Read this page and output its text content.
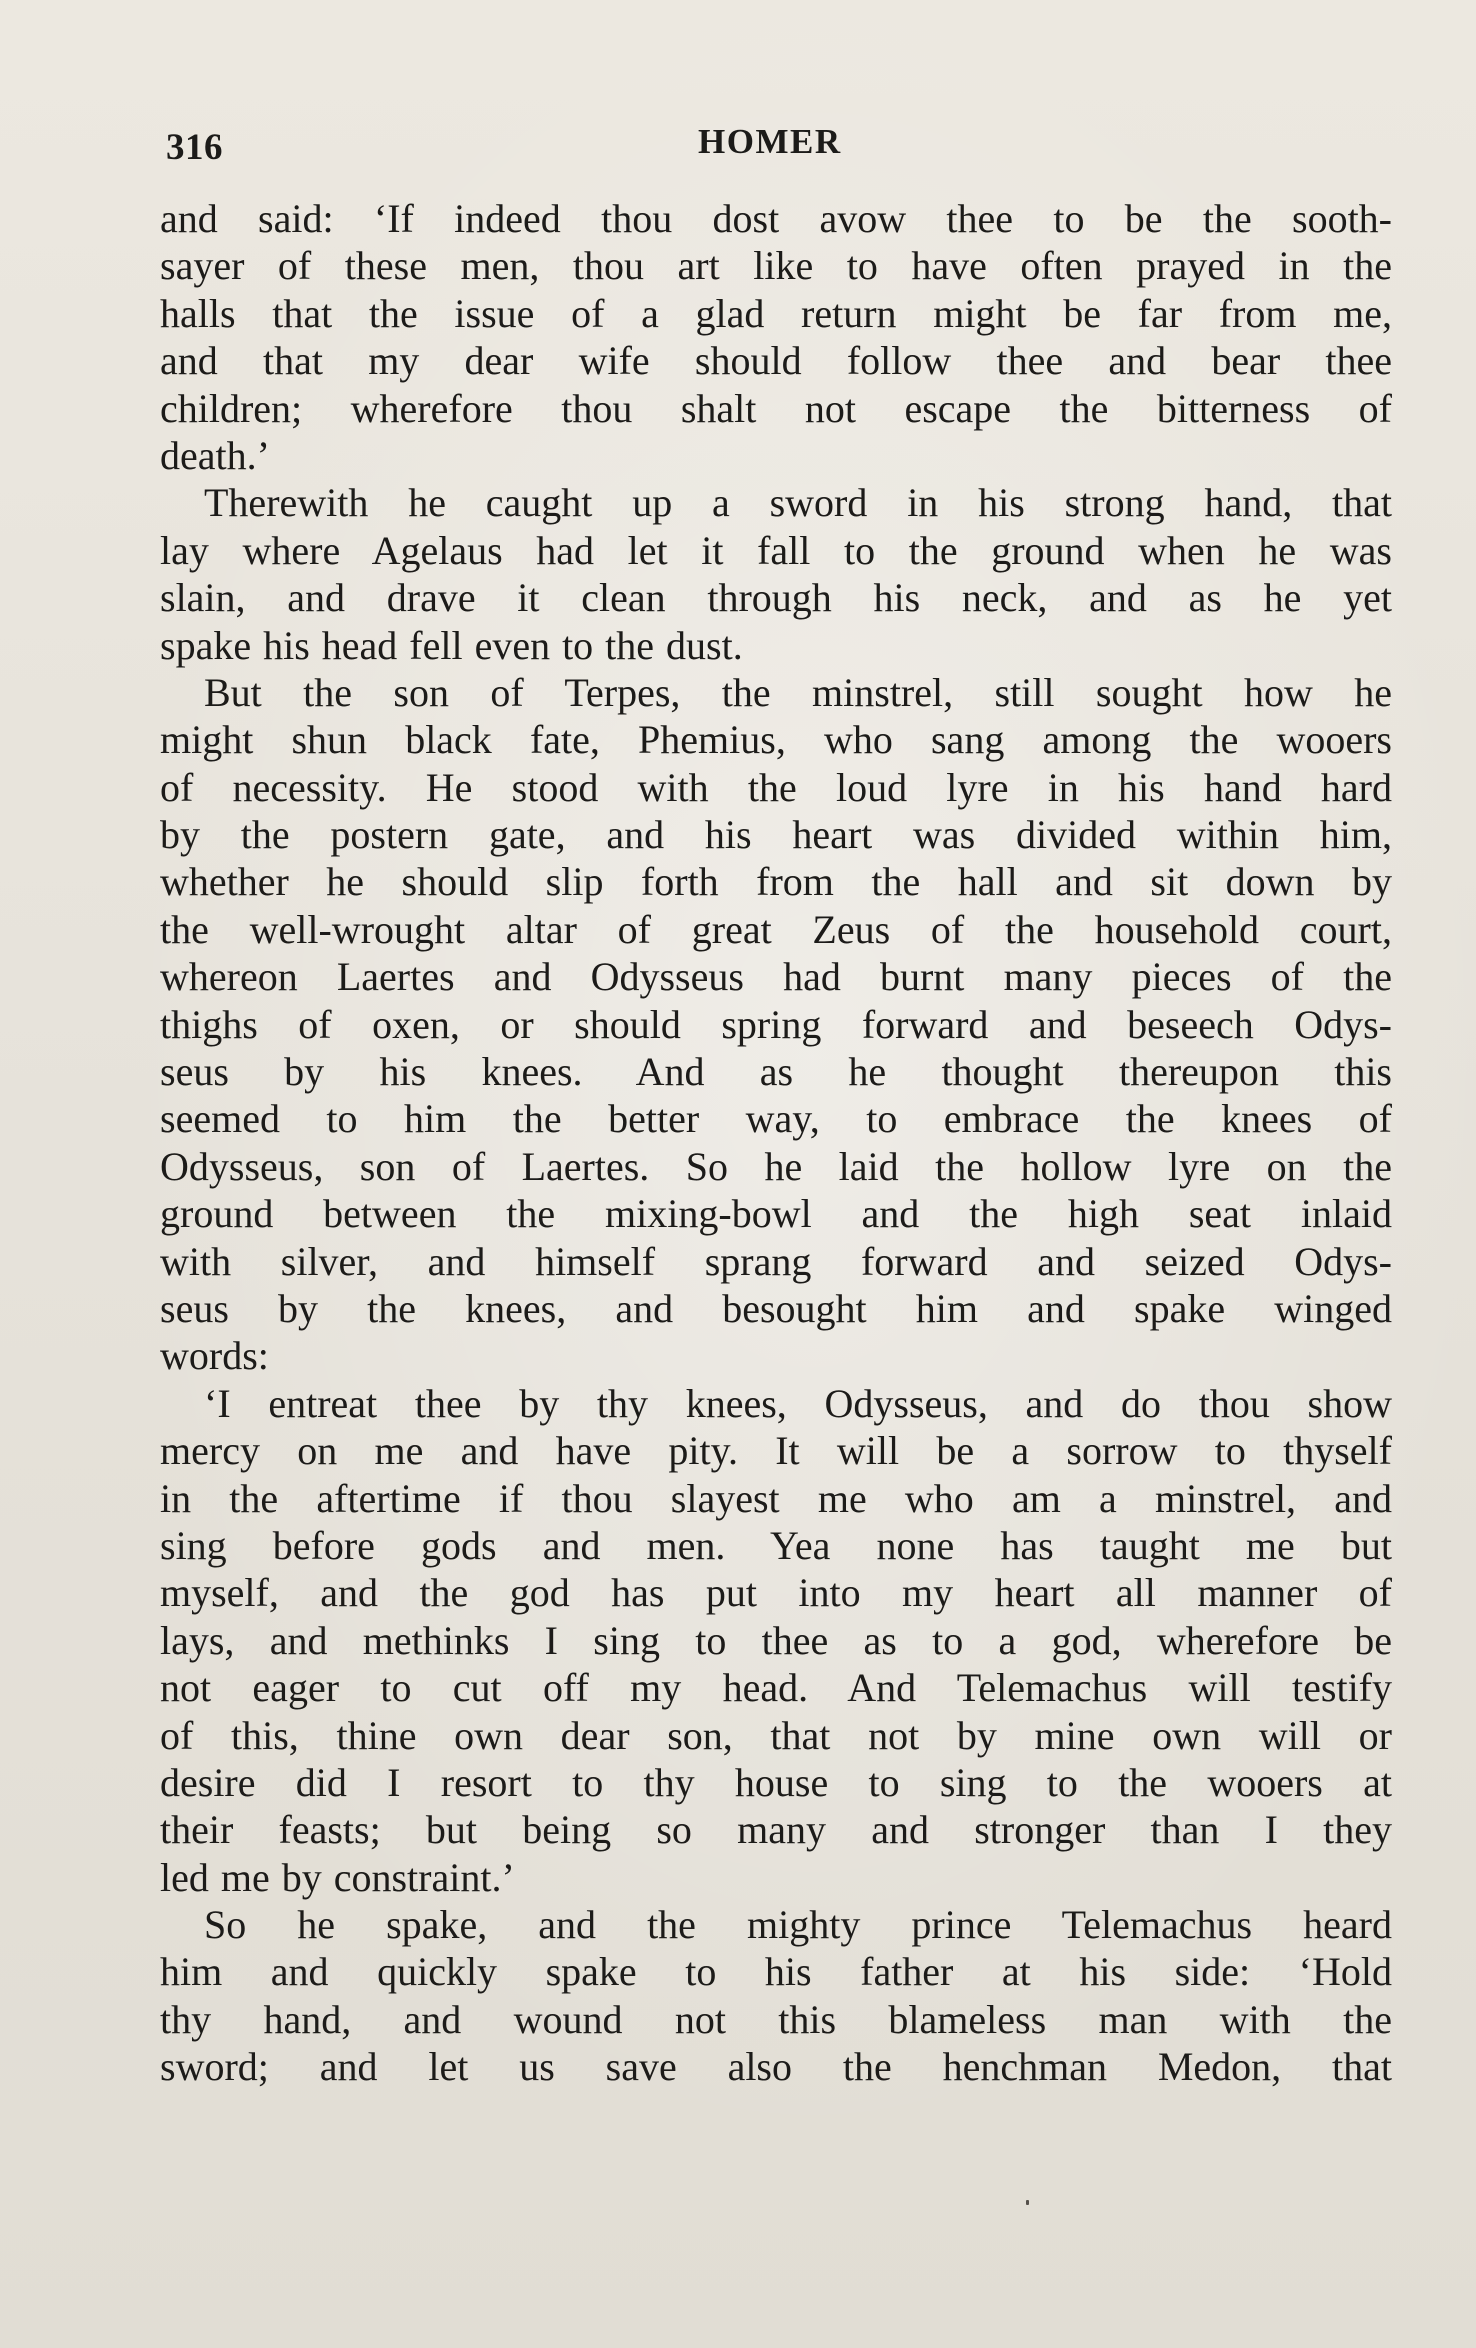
316	HOMER
and said: ‘If indeed thou dost avow thee to be the sooth-
sayer of these men, thou art like to have often prayed in the
halls that the issue of a glad return might be far from me,
and that my dear wife should follow thee and bear thee
children; wherefore thou shalt not escape the bitterness of
death.’
Therewith he caught up a sword in his strong hand, that
lay where Agelaus had let it fall to the ground when he was
slain, and drave it clean through his neck, and as he yet
spake his head fell even to the dust.
But the son of Terpes, the minstrel, still sought how he
might shun black fate, Phemius, who sang among the wooers
of necessity. He stood with the loud lyre in his hand hard
by the postern gate, and his heart was divided within him,
whether he should slip forth from the hall and sit down by
the well-wrought altar of great Zeus of the household court,
whereon Laertes and Odysseus had burnt many pieces of the
thighs of oxen, or should spring forward and beseech Odys-
seus by his knees. And as he thought thereupon this
seemed to him the better way, to embrace the knees of
Odysseus, son of Laertes. So he laid the hollow lyre on the
ground between the mixing-bowl and the high seat inlaid
with silver, and himself sprang forward and seized Odys-
seus by the knees, and besought him and spake winged
words:
‘I entreat thee by thy knees, Odysseus, and do thou show
mercy on me and have pity. It will be a sorrow to thyself
in the aftertime if thou slayest me who am a minstrel, and
sing before gods and men. Yea none has taught me but
myself, and the god has put into my heart all manner of
lays, and methinks I sing to thee as to a god, wherefore be
not eager to cut off my head. And Telemachus will testify
of this, thine own dear son, that not by mine own will or
desire did I resort to thy house to sing to the wooers at
their feasts; but being so many and stronger than I they
led me by constraint.’
So he spake, and the mighty prince Telemachus heard
him and quickly spake to his father at his side: ‘Hold
thy hand, and wound not this blameless man with the
sword; and let us save also the henchman Medon, that
